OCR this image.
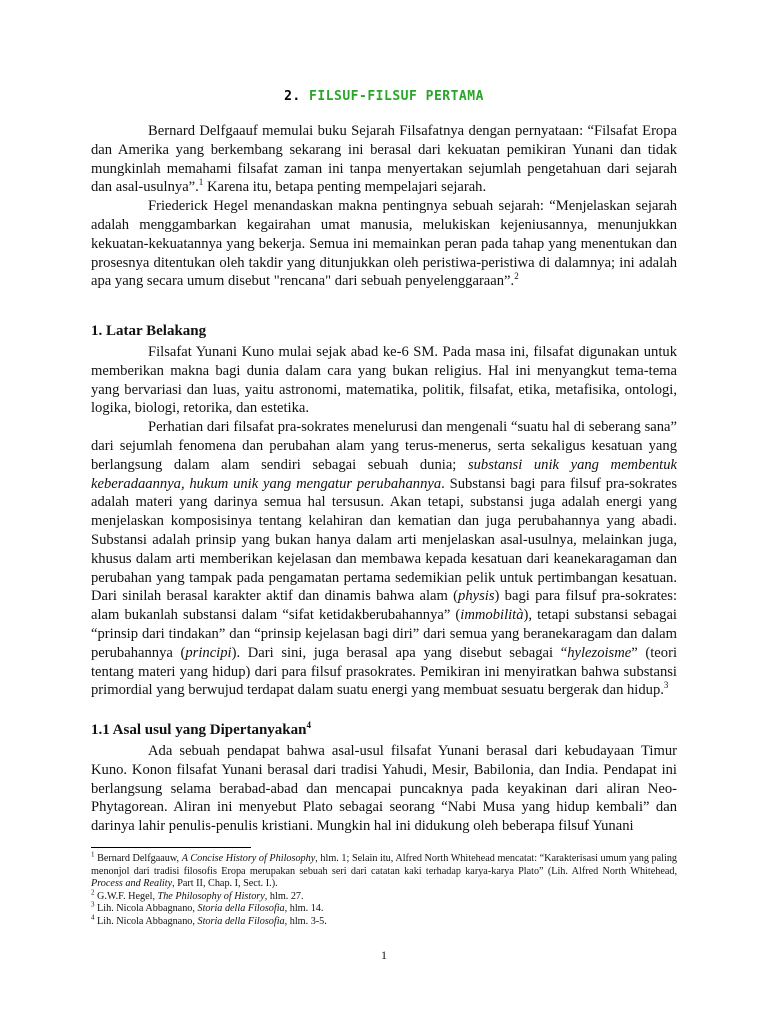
2. FILSUF-FILSUF PERTAMA

Bernard Delfgaauf memulai buku Sejarah Filsafatnya dengan pernyataan: “Filsafat Eropa dan Amerika yang berkembang sekarang ini berasal dari kekuatan pemikiran Yunani dan tidak mungkinlah memahami filsafat zaman ini tanpa menyertakan sejumlah pengetahuan dari sejarah dan asal-usulnya”.$^1$ Karena itu, betapa penting mempelajari sejarah.

Friederick Hegel menandaskan makna pentingnya sebuah sejarah: “Menjelaskan sejarah adalah menggambarkan kegairahan umat manusia, melukiskan kejeniusannya, menunjukkan kekuatan-kekuatannya yang bekerja. Semua ini memainkan peran pada tahap yang menentukan dan prosesnya ditentukan oleh takdir yang ditunjukkan oleh peristiwa-peristiwa di dalamnya; ini adalah apa yang secara umum disebut "rencana" dari sebuah penyelenggaraan”.$^2$

1. Latar Belakang

Filsafat Yunani Kuno mulai sejak abad ke-6 SM. Pada masa ini, filsafat digunakan untuk memberikan makna bagi dunia dalam cara yang bukan religius. Hal ini menyangkut tema-tema yang bervariasi dan luas, yaitu astronomi, matematika, politik, filsafat, etika, metafisika, ontologi, logika, biologi, retorika, dan estetika.

Perhatian dari filsafat pra-sokrates menelurusi dan mengenali “suatu hal di seberang sana” dari sejumlah fenomena dan perubahan alam yang terus-menerus, serta sekaligus kesatuan yang berlangsung dalam alam sendiri sebagai sebuah dunia; substansi unik yang membentuk keberadaannya, hukum unik yang mengatur perubahannya. Substansi bagi para filsuf pra-sokrates adalah materi yang darinya semua hal tersusun. Akan tetapi, substansi juga adalah energi yang menjelaskan komposisinya tentang kelahiran dan kematian dan juga perubahannya yang abadi. Substansi adalah prinsip yang bukan hanya dalam arti menjelaskan asal-usulnya, melainkan juga, khusus dalam arti memberikan kejelasan dan membawa kepada kesatuan dari keanekaragaman dan perubahan yang tampak pada pengamatan pertama sedemikian pelik untuk pertimbangan kesatuan. Dari sinilah berasal karakter aktif dan dinamis bahwa alam (physis) bagi para filsuf pra-sokrates: alam bukanlah substansi dalam “sifat ketidakberubahannya” (immobilità), tetapi substansi sebagai “prinsip dari tindakan” dan “prinsip kejelasan bagi diri” dari semua yang beranekaragam dan dalam perubahannya (principi). Dari sini, juga berasal apa yang disebut sebagai “hylezoisme” (teori tentang materi yang hidup) dari para filsuf prasokrates. Pemikiran ini menyiratkan bahwa substansi primordial yang berwujud terdapat dalam suatu energi yang membuat sesuatu bergerak dan hidup.$^3$

1.1 Asal usul yang Dipertanyakan$^4$

Ada sebuah pendapat bahwa asal-usul filsafat Yunani berasal dari kebudayaan Timur Kuno. Konon filsafat Yunani berasal dari tradisi Yahudi, Mesir, Babilonia, dan India. Pendapat ini berlangsung selama berabad-abad dan mencapai puncaknya pada keyakinan dari aliran Neo-Phytagorean. Aliran ini menyebut Plato sebagai seorang “Nabi Musa yang hidup kembali” dan darinya lahir penulis-penulis kristiani. Mungkin hal ini didukung oleh beberapa filsuf Yunani

$^1$ Bernard Delfgaauw, A Concise History of Philosophy, hlm. 1; Selain itu, Alfred North Whitehead mencatat: “Karakterisasi umum yang paling menonjol dari tradisi filosofis Eropa merupakan sebuah seri dari catatan kaki terhadap karya-karya Plato” (Lih. Alfred North Whitehead, Process and Reality, Part II, Chap. I, Sect. I.).

$^2$ G.W.F. Hegel, The Philosophy of History, hlm. 27.

$^3$ Lih. Nicola Abbagnano, Storia della Filosofia, hlm. 14.

$^4$ Lih. Nicola Abbagnano, Storia della Filosofia, hlm. 3-5.

1
